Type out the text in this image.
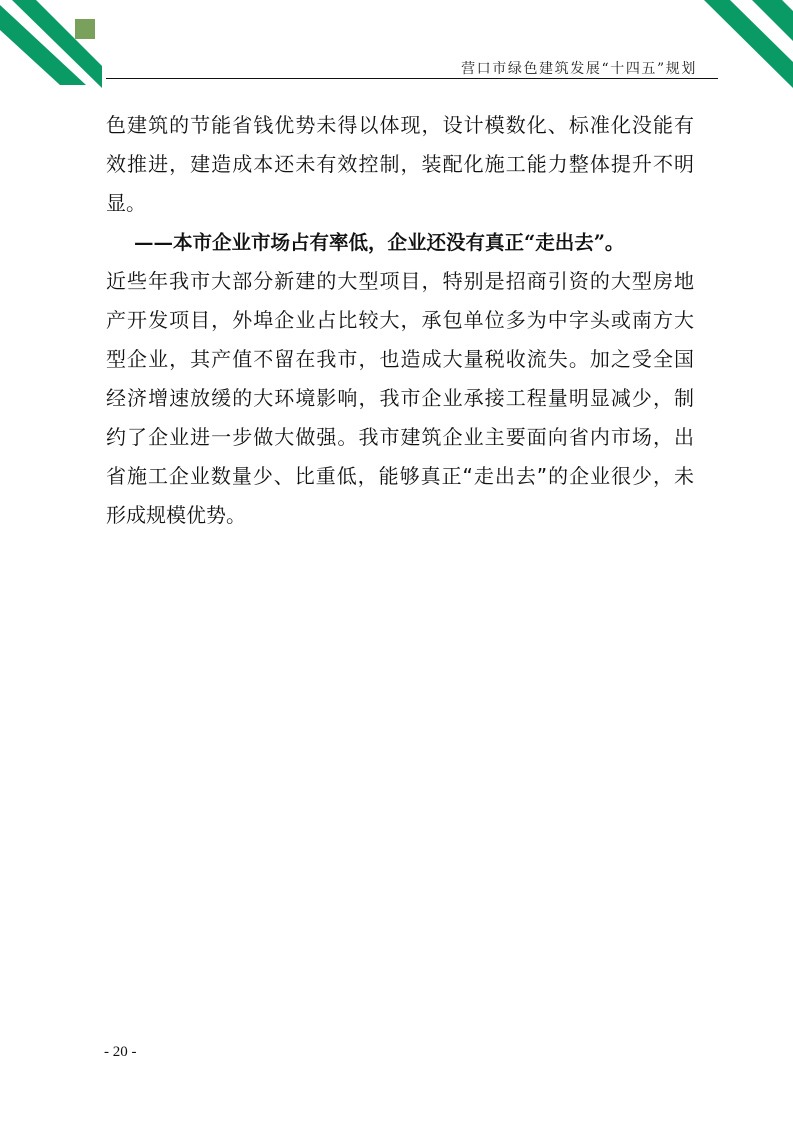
营口市绿色建筑发展“十四五”规划
色建筑的节能省钱优势未得以体现，设计模数化、标准化没能有
效推进，建造成本还未有效控制，装配化施工能力整体提升不明
显。
——本市企业市场占有率低，企业还没有真正“走出去”。
近些年我市大部分新建的大型项目，特别是招商引资的大型房地
产开发项目，外埠企业占比较大，承包单位多为中字头或南方大
型企业，其产值不留在我市，也造成大量税收流失。加之受全国
经济增速放缓的大环境影响，我市企业承接工程量明显减少，制
约了企业进一步做大做强。我市建筑企业主要面向省内市场，出
省施工企业数量少、比重低，能够真正“走出去”的企业很少，未
形成规模优势。
- 20 -
